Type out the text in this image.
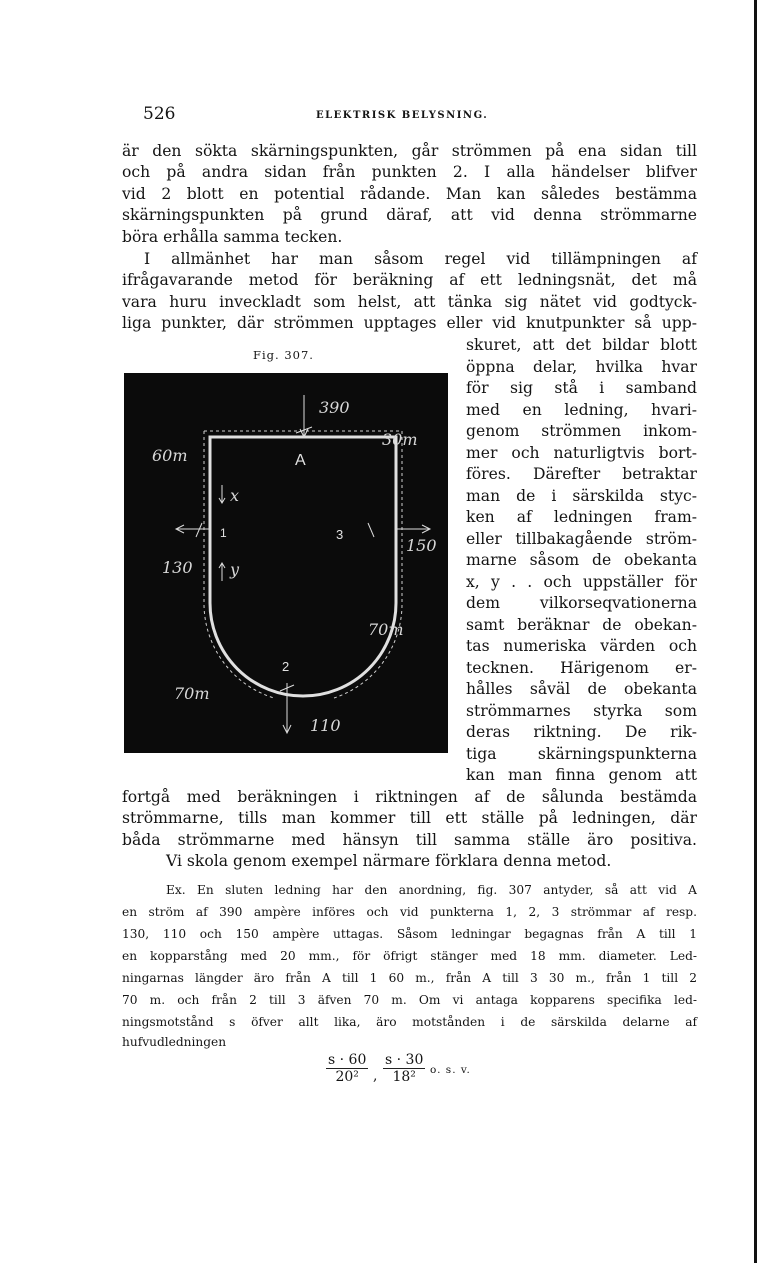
526	ELEKTRISK BELYSNING.
är den sökta skärningspunkten, går strömmen på ena sidan till
och på andra sidan från punkten 2. I alla händelser blifver
vid 2 blott en potential rådande. Man kan således bestämma
skärningspunkten på grund däraf, att vid denna strömmarne
böra erhålla samma tecken.
I allmänhet har man såsom regel vid tillämpningen af
ifrågavarande metod för beräkning af ett ledningsnät, det må
vara huru inveckladt som helst, att tänka sig nätet vid godtyck-
liga punkter, där strömmen upptages eller vid knutpunkter så upp-
Fig. 307.
390
A
30m
60m
x
1	3
130
150
y
70m
2
70m
110
skuret, att det bildar blott
öppna delar, hvilka hvar
för sig stå i samband
med en ledning, hvari-
genom strömmen inkom-
mer och naturligtvis bort-
föres. Därefter betraktar
man de i särskilda styc-
ken af ledningen fram-
eller tillbakagående ström-
marne såsom de obekanta
x, y . . och uppställer för
dem vilkorseqvationerna
samt beräknar de obekan-
tas numeriska värden och
tecknen. Härigenom er-
hålles såväl de obekanta
strömmarnes styrka som
deras riktning. De rik-
tiga skärningspunkterna
kan man finna genom att
fortgå med beräkningen i riktningen af de sålunda bestämda
strömmarne, tills man kommer till ett ställe på ledningen, där
båda strömmarne med hänsyn till samma ställe äro positiva.
Vi skola genom exempel närmare förklara denna metod.
Ex. En sluten ledning har den anordning, fig. 307 antyder, så att vid A
en ström af 390 ampère införes och vid punkterna 1, 2, 3 strömmar af resp.
130, 110 och 150 ampère uttagas. Såsom ledningar begagnas från A till 1
en kopparstång med 20 mm., för öfrigt stänger med 18 mm. diameter. Led-
ningarnas längder äro från A till 1 60 m., från A till 3 30 m., från 1 till 2
70 m. och från 2 till 3 äfven 70 m. Om vi antaga kopparens specifika led-
ningsmotstånd s öfver allt lika, äro motstånden i de särskilda delarne af
hufvudledningen
$\frac{s \cdot 60}{\text{20²}}$ , $\frac{s \cdot 30}{\text{18²}} o$. s. v.
